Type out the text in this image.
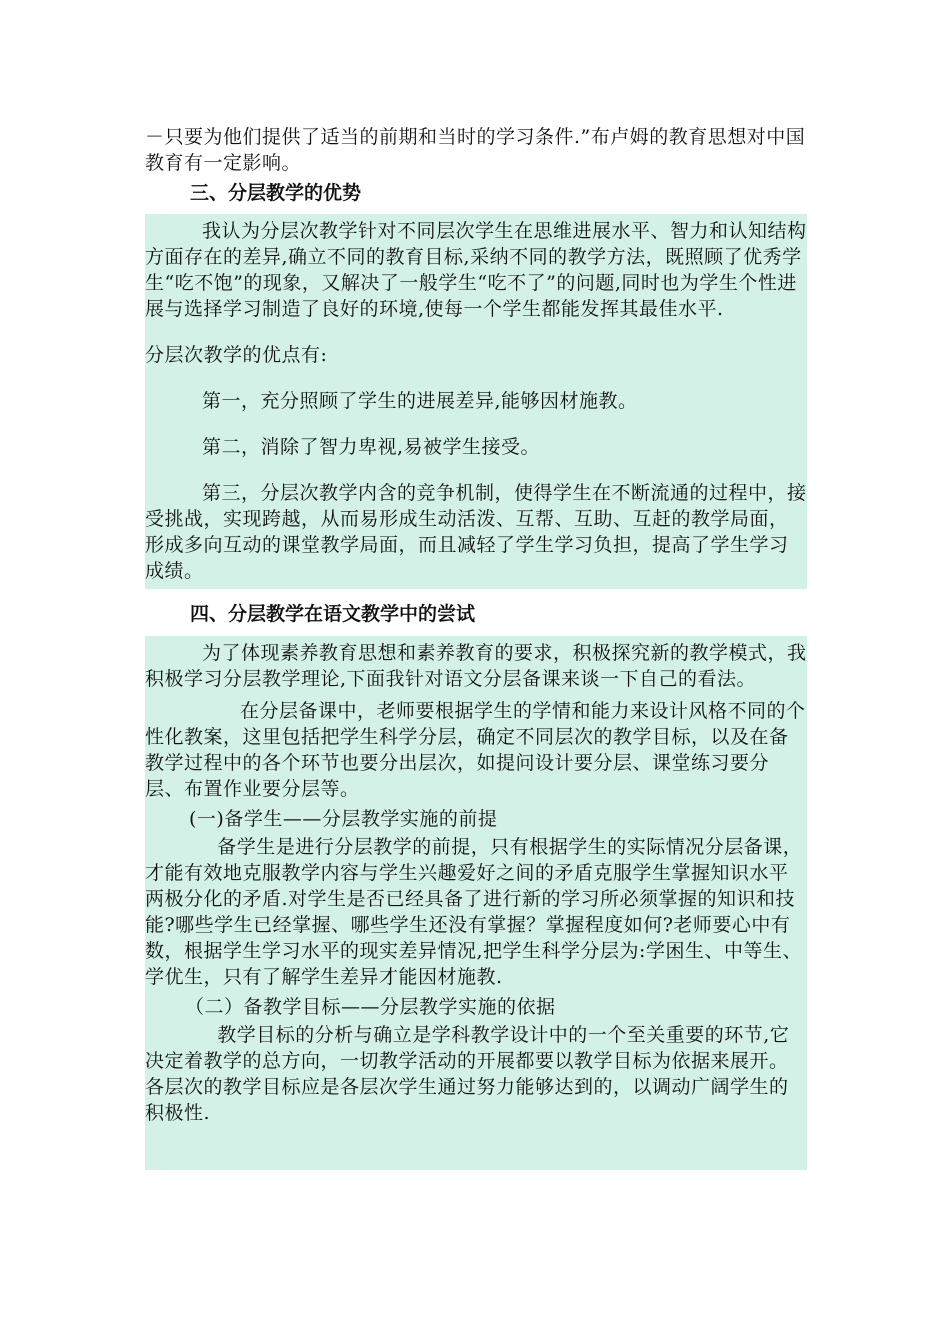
－只要为他们提供了适当的前期和当时的学习条件.”布卢姆的教育思想对中国教育有一定影响。

三、分层教学的优势

我认为分层次教学针对不同层次学生在思维进展水平、智力和认知结构方面存在的差异,确立不同的教育目标,采纳不同的教学方法，既照顾了优秀学生“吃不饱”的现象，又解决了一般学生“吃不了”的问题,同时也为学生个性进展与选择学习制造了良好的环境,使每一个学生都能发挥其最佳水平.

分层次教学的优点有:

第一，充分照顾了学生的进展差异,能够因材施教。

第二，消除了智力卑视,易被学生接受。

第三，分层次教学内含的竞争机制，使得学生在不断流通的过程中，接受挑战，实现跨越，从而易形成生动活泼、互帮、互助、互赶的教学局面，形成多向互动的课堂教学局面，而且减轻了学生学习负担，提高了学生学习成绩。

四、分层教学在语文教学中的尝试

为了体现素养教育思想和素养教育的要求，积极探究新的教学模式，我积极学习分层教学理论,下面我针对语文分层备课来谈一下自己的看法。

在分层备课中，老师要根据学生的学情和能力来设计风格不同的个性化教案，这里包括把学生科学分层，确定不同层次的教学目标，以及在备教学过程中的各个环节也要分出层次，如提问设计要分层、课堂练习要分层、布置作业要分层等。

(一)备学生——分层教学实施的前提

备学生是进行分层教学的前提，只有根据学生的实际情况分层备课，才能有效地克服教学内容与学生兴趣爱好之间的矛盾克服学生掌握知识水平两极分化的矛盾.对学生是否已经具备了进行新的学习所必须掌握的知识和技能?哪些学生已经掌握、哪些学生还没有掌握？掌握程度如何?老师要心中有数，根据学生学习水平的现实差异情况,把学生科学分层为:学困生、中等生、学优生，只有了解学生差异才能因材施教.

（二）备教学目标——分层教学实施的依据

教学目标的分析与确立是学科教学设计中的一个至关重要的环节,它决定着教学的总方向，一切教学活动的开展都要以教学目标为依据来展开。各层次的教学目标应是各层次学生通过努力能够达到的，以调动广阔学生的积极性.
